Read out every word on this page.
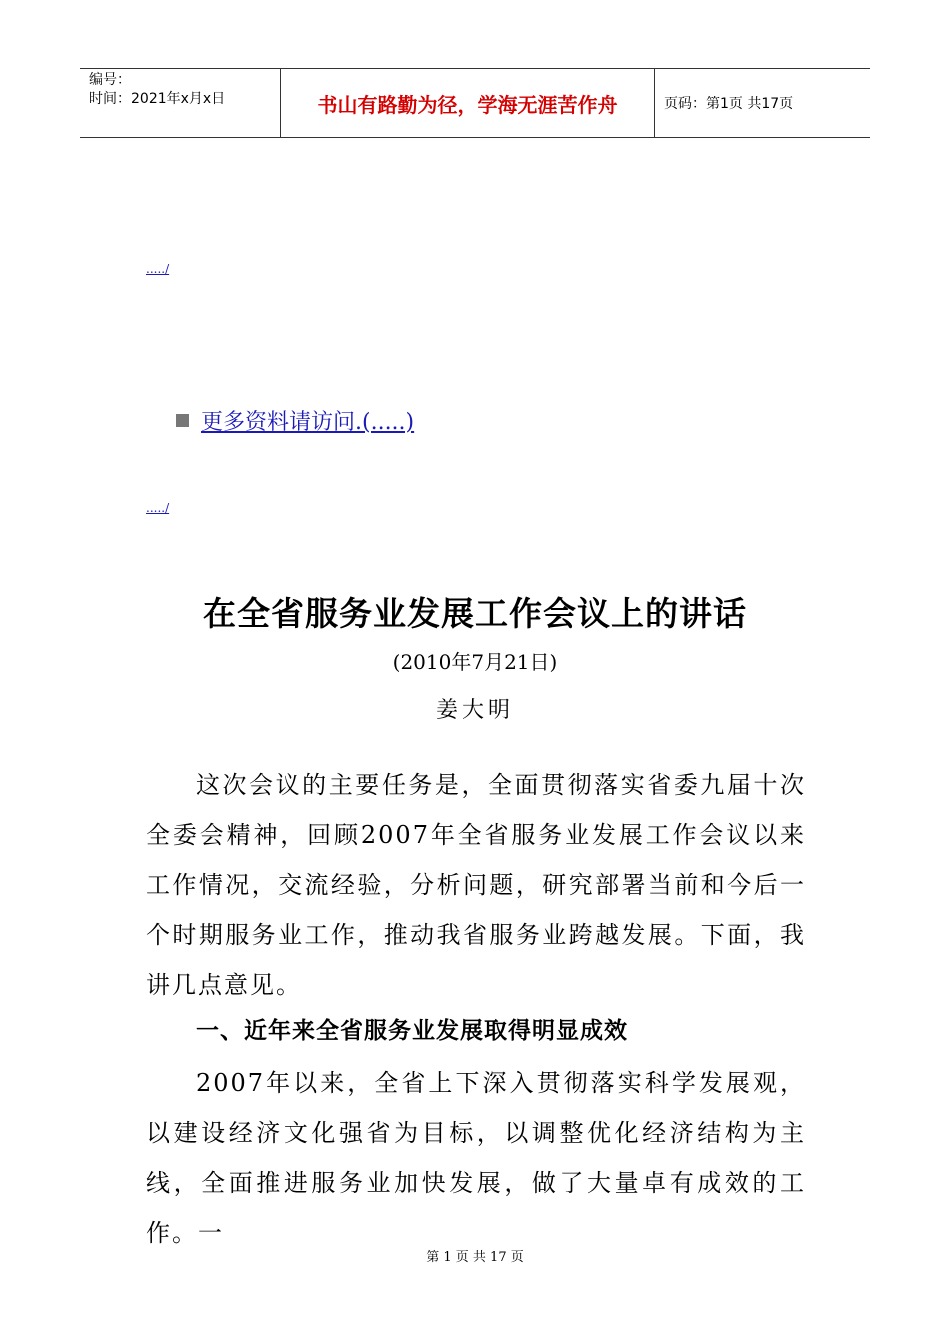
编号：
时间：2021年x月x日	书山有路勤为径，学海无涯苦作舟	页码：第1页 共17页
...../
更多资料请访问.(.....)
...../
在全省服务业发展工作会议上的讲话
(2010年7月21日)
姜大明

这次会议的主要任务是，全面贯彻落实省委九届十次全委会精神，回顾2007年全省服务业发展工作会议以来工作情况，交流经验，分析问题，研究部署当前和今后一个时期服务业工作，推动我省服务业跨越发展。下面，我讲几点意见。

一、近年来全省服务业发展取得明显成效

2007年以来，全省上下深入贯彻落实科学发展观，以建设经济文化强省为目标，以调整优化经济结构为主线，全面推进服务业加快发展，做了大量卓有成效的工作。一

第 1 页 共 17 页
